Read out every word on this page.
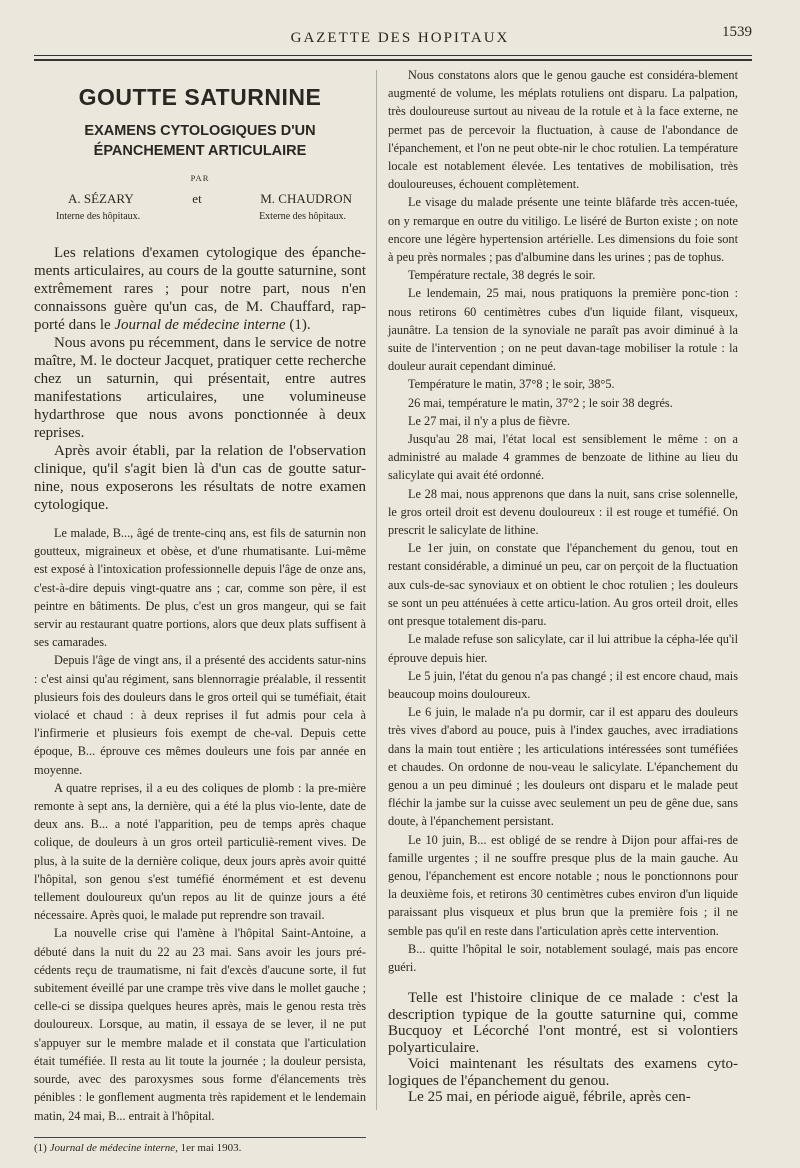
GAZETTE DES HOPITAUX	1539
GOUTTE SATURNINE
EXAMENS CYTOLOGIQUES D'UN ÉPANCHEMENT ARTICULAIRE
PAR
A. SÉZARY	et	M. CHAUDRON
Interne des hôpitaux.	Externe des hôpitaux.

Les relations d'examen cytologique des épanche-ments articulaires, au cours de la goutte saturnine, sont extrêmement rares ; pour notre part, nous n'en connaissons guère qu'un cas, de M. Chauffard, rap-porté dans le Journal de médecine interne (1).

Nous avons pu récemment, dans le service de notre maître, M. le docteur Jacquet, pratiquer cette recherche chez un saturnin, qui présentait, entre autres manifestations articulaires, une volumineuse hydarthrose que nous avons ponctionnée à deux reprises.

Après avoir établi, par la relation de l'observation clinique, qu'il s'agit bien là d'un cas de goutte satur-nine, nous exposerons les résultats de notre examen cytologique.

Le malade, B..., âgé de trente-cinq ans, est fils de saturnin non goutteux, migraineux et obèse, et d'une rhumatisante. Lui-même est exposé à l'intoxication professionnelle depuis l'âge de onze ans, c'est-à-dire depuis vingt-quatre ans ; car, comme son père, il est peintre en bâtiments. De plus, c'est un gros mangeur, qui se fait servir au restaurant quatre portions, alors que deux plats suffisent à ses camarades.

Depuis l'âge de vingt ans, il a présenté des accidents satur-nins : c'est ainsi qu'au régiment, sans blennorragie préalable, il ressentit plusieurs fois des douleurs dans le gros orteil qui se tuméfiait, était violacé et chaud : à deux reprises il fut admis pour cela à l'infirmerie et plusieurs fois exempt de che-val. Depuis cette époque, B... éprouve ces mêmes douleurs une fois par année en moyenne.

A quatre reprises, il a eu des coliques de plomb : la pre-mière remonte à sept ans, la dernière, qui a été la plus vio-lente, date de deux ans. B... a noté l'apparition, peu de temps après chaque colique, de douleurs à un gros orteil particuliè-rement vives. De plus, à la suite de la dernière colique, deux jours après avoir quitté l'hôpital, son genou s'est tuméfié énormément et est devenu tellement douloureux qu'un repos au lit de quinze jours a été nécessaire. Après quoi, le malade put reprendre son travail.

La nouvelle crise qui l'amène à l'hôpital Saint-Antoine, a débuté dans la nuit du 22 au 23 mai. Sans avoir les jours pré-cédents reçu de traumatisme, ni fait d'excès d'aucune sorte, il fut subitement éveillé par une crampe très vive dans le mollet gauche ; celle-ci se dissipa quelques heures après, mais le genou resta très douloureux. Lorsque, au matin, il essaya de se lever, il ne put s'appuyer sur le membre malade et il constata que l'articulation était tuméfiée. Il resta au lit toute la journée ; la douleur persista, sourde, avec des paroxysmes sous forme d'élancements très pénibles : le gonflement augmenta très rapidement et le lendemain matin, 24 mai, B... entrait à l'hôpital.

(1) Journal de médecine interne, 1er mai 1903.

Nous constatons alors que le genou gauche est considéra-blement augmenté de volume, les méplats rotuliens ont disparu. La palpation, très douloureuse surtout au niveau de la rotule et à la face externe, ne permet pas de percevoir la fluctuation, à cause de l'abondance de l'épanchement, et l'on ne peut obte-nir le choc rotulien. La température locale est notablement élevée. Les tentatives de mobilisation, très douloureuses, échouent complètement.

Le visage du malade présente une teinte blâfarde très accen-tuée, on y remarque en outre du vitiligo. Le liséré de Burton existe ; on note encore une légère hypertension artérielle. Les dimensions du foie sont à peu près normales ; pas d'albumine dans les urines ; pas de tophus.

Température rectale, 38 degrés le soir.

Le lendemain, 25 mai, nous pratiquons la première ponc-tion : nous retirons 60 centimètres cubes d'un liquide filant, visqueux, jaunâtre. La tension de la synoviale ne paraît pas avoir diminué à la suite de l'intervention ; on ne peut davan-tage mobiliser la rotule : la douleur aurait cependant diminué.

Température le matin, 37°8 ; le soir, 38°5.

26 mai, température le matin, 37°2 ; le soir 38 degrés.

Le 27 mai, il n'y a plus de fièvre.

Jusqu'au 28 mai, l'état local est sensiblement le même : on a administré au malade 4 grammes de benzoate de lithine au lieu du salicylate qui avait été ordonné.

Le 28 mai, nous apprenons que dans la nuit, sans crise solennelle, le gros orteil droit est devenu douloureux : il est rouge et tuméfié. On prescrit le salicylate de lithine.

Le 1er juin, on constate que l'épanchement du genou, tout en restant considérable, a diminué un peu, car on perçoit de la fluctuation aux culs-de-sac synoviaux et on obtient le choc rotulien ; les douleurs se sont un peu atténuées à cette articu-lation. Au gros orteil droit, elles ont presque totalement dis-paru.

Le malade refuse son salicylate, car il lui attribue la cépha-lée qu'il éprouve depuis hier.

Le 5 juin, l'état du genou n'a pas changé ; il est encore chaud, mais beaucoup moins douloureux.

Le 6 juin, le malade n'a pu dormir, car il est apparu des douleurs très vives d'abord au pouce, puis à l'index gauches, avec irradiations dans la main tout entière ; les articulations intéressées sont tuméfiées et chaudes. On ordonne de nou-veau le salicylate. L'épanchement du genou a un peu diminué ; les douleurs ont disparu et le malade peut fléchir la jambe sur la cuisse avec seulement un peu de gêne due, sans doute, à l'épanchement persistant.

Le 10 juin, B... est obligé de se rendre à Dijon pour affai-res de famille urgentes ; il ne souffre presque plus de la main gauche. Au genou, l'épanchement est encore notable ; nous le ponctionnons pour la deuxième fois, et retirons 30 centimètres cubes environ d'un liquide paraissant plus visqueux et plus brun que la première fois ; il ne semble pas qu'il en reste dans l'articulation après cette intervention.

B... quitte l'hôpital le soir, notablement soulagé, mais pas encore guéri.

Telle est l'histoire clinique de ce malade : c'est la description typique de la goutte saturnine qui, comme Bucquoy et Lécorché l'ont montré, est si volontiers polyarticulaire.

Voici maintenant les résultats des examens cyto-logiques de l'épanchement du genou.

Le 25 mai, en période aiguë, fébrile, après cen-
